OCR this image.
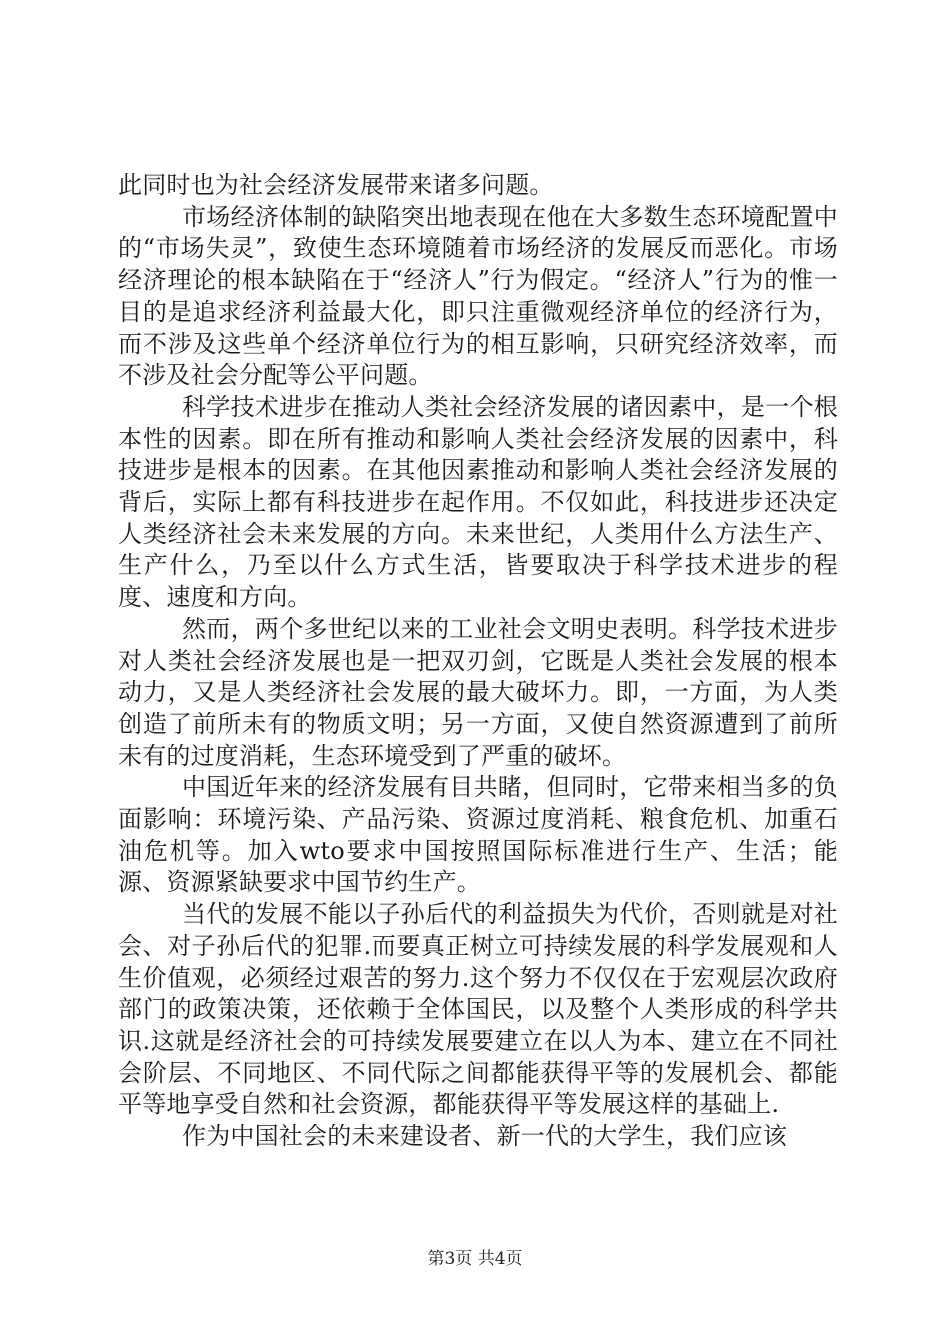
此同时也为社会经济发展带来诸多问题。

市场经济体制的缺陷突出地表现在他在大多数生态环境配置中的“市场失灵”，致使生态环境随着市场经济的发展反而恶化。市场经济理论的根本缺陷在于“经济人”行为假定。“经济人”行为的惟一目的是追求经济利益最大化，即只注重微观经济单位的经济行为，而不涉及这些单个经济单位行为的相互影响，只研究经济效率，而不涉及社会分配等公平问题。

科学技术进步在推动人类社会经济发展的诸因素中，是一个根本性的因素。即在所有推动和影响人类社会经济发展的因素中，科技进步是根本的因素。在其他因素推动和影响人类社会经济发展的背后，实际上都有科技进步在起作用。不仅如此，科技进步还决定人类经济社会未来发展的方向。未来世纪，人类用什么方法生产、生产什么，乃至以什么方式生活，皆要取决于科学技术进步的程度、速度和方向。

然而，两个多世纪以来的工业社会文明史表明。科学技术进步对人类社会经济发展也是一把双刃剑，它既是人类社会发展的根本动力，又是人类经济社会发展的最大破坏力。即，一方面，为人类创造了前所未有的物质文明；另一方面，又使自然资源遭到了前所未有的过度消耗，生态环境受到了严重的破坏。

中国近年来的经济发展有目共睹，但同时，它带来相当多的负面影响：环境污染、产品污染、资源过度消耗、粮食危机、加重石油危机等。加入wto要求中国按照国际标准进行生产、生活；能源、资源紧缺要求中国节约生产。

当代的发展不能以子孙后代的利益损失为代价，否则就是对社会、对子孙后代的犯罪.而要真正树立可持续发展的科学发展观和人生价值观，必须经过艰苦的努力.这个努力不仅仅在于宏观层次政府部门的政策决策，还依赖于全体国民，以及整个人类形成的科学共识.这就是经济社会的可持续发展要建立在以人为本、建立在不同社会阶层、不同地区、不同代际之间都能获得平等的发展机会、都能平等地享受自然和社会资源，都能获得平等发展这样的基础上.

作为中国社会的未来建设者、新一代的大学生，我们应该

第3页 共4页
